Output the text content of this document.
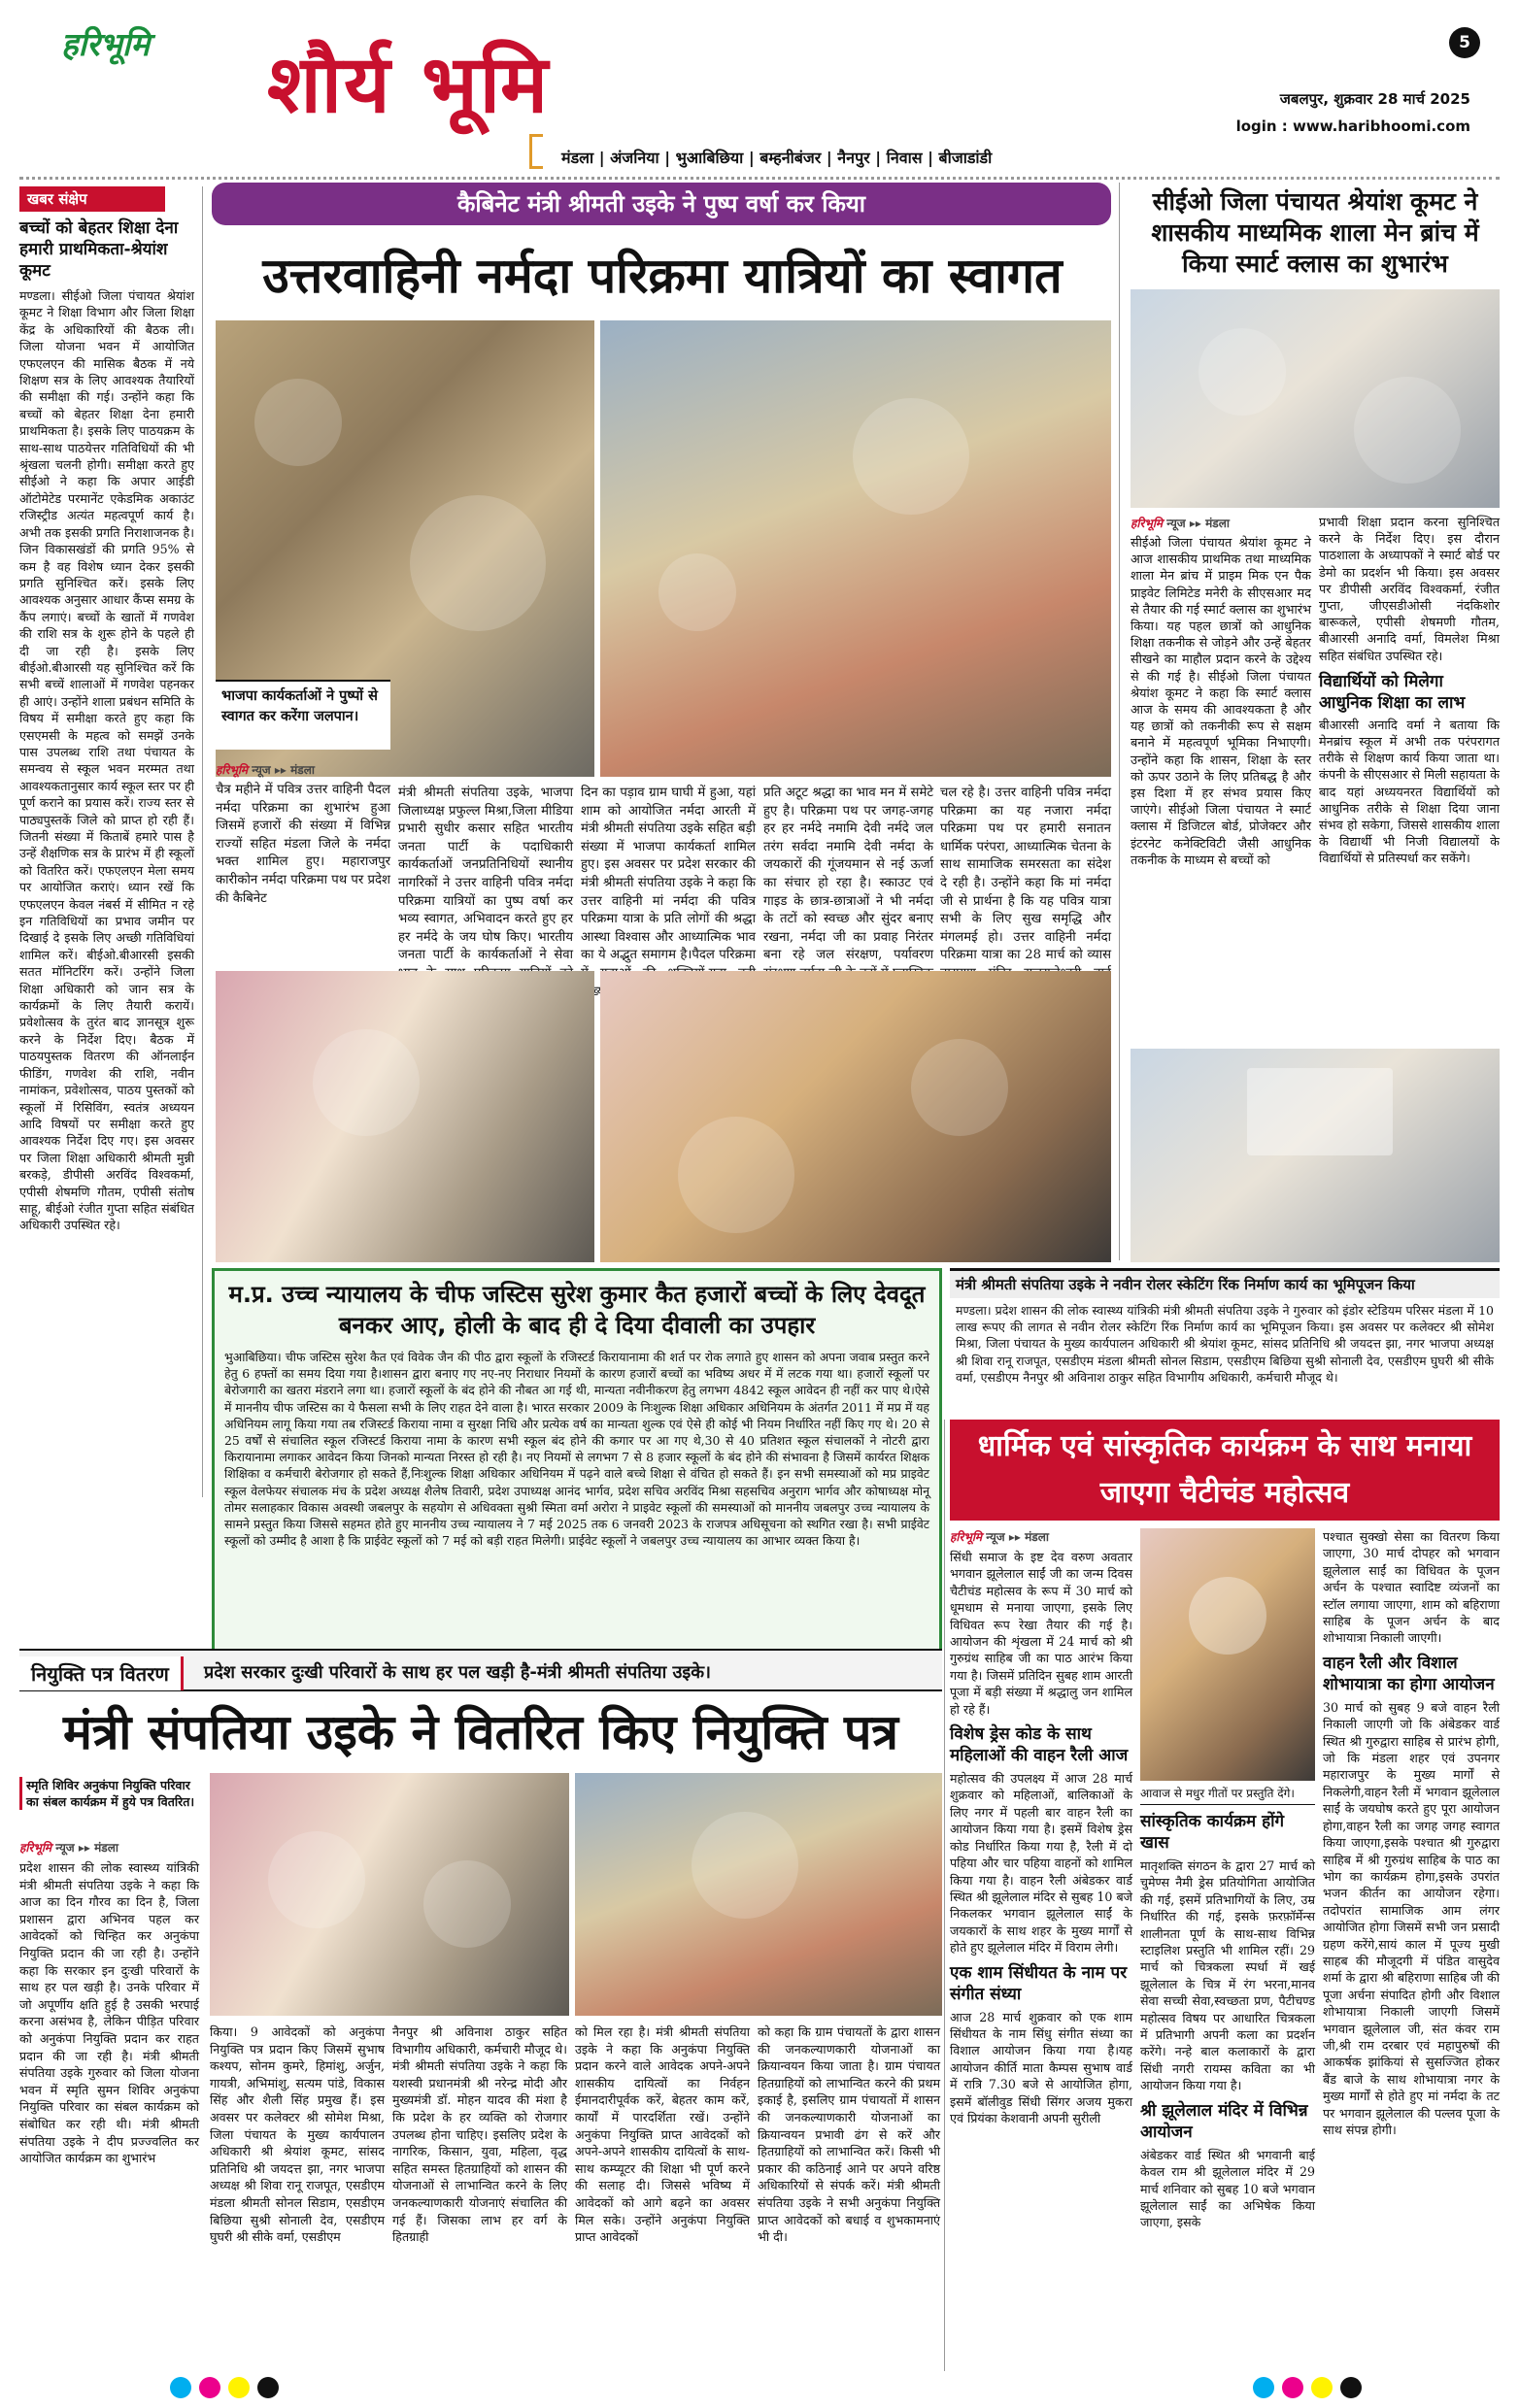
हरिभूमि शौर्य भूमि	5
जबलपुर, शुक्रवार 28 मार्च 2025
login : www.haribhoomi.com
मंडला | अंजनिया | भुआबिछिया | बम्हनीबंजर | नैनपुर | निवास | बीजाडांडी
खबर संक्षेप
बच्चों को बेहतर शिक्षा देना हमारी प्राथमिकता-श्रेयांश कूमट
मण्डला। सीईओ जिला पंचायत श्रेयांश कूमट ने शिक्षा विभाग और जिला शिक्षा केंद्र के अधिकारियों की बैठक ली। जिला योजना भवन में आयोजित एफएलएन की मासिक बैठक में नये शिक्षण सत्र के लिए आवश्यक तैयारियों की समीक्षा की गई। उन्होंने कहा कि बच्चों को बेहतर शिक्षा देना हमारी प्राथमिकता है। इसके लिए पाठयक्रम के साथ-साथ पाठयेत्तर गतिविधियों की भी श्रृंखला चलनी होगी। समीक्षा करते हुए सीईओ ने कहा कि अपार आईडी ऑटोमेटेड परमानेंट एकेडमिक अकाउंट रजिस्ट्रीड अत्यंत महत्वपूर्ण कार्य है। अभी तक इसकी प्रगति निराशाजनक है। जिन विकासखंडों की प्रगति 95% से कम है वह विशेष ध्यान देकर इसकी प्रगति सुनिश्चित करें। इसके लिए आवश्यक अनुसार आधार कैंप्स समग्र के कैंप लगाएं। बच्चों के खातों में गणवेश की राशि सत्र के शुरू होने के पहले ही दी जा रही है। इसके लिए बीईओ.बीआरसी यह सुनिश्चित करें कि सभी बच्चें शालाओं में गणवेश पहनकर ही आएं। उन्होंने शाला प्रबंधन समिति के विषय में समीक्षा करते हुए कहा कि एसएमसी के महत्व को समझें उनके पास उपलब्ध राशि तथा पंचायत के समन्वय से स्कूल भवन मरम्मत तथा आवश्यकतानुसार कार्य स्कूल स्तर पर ही पूर्ण कराने का प्रयास करें। राज्य स्तर से पाठ्यपुस्तकें जिले को प्राप्त हो रही हैं। जितनी संख्या में किताबें हमारे पास है उन्हें शैक्षणिक सत्र के प्रारंभ में ही स्कूलों को वितरित करें। एफएलएन मेला समय पर आयोजित कराएं। ध्यान रखें कि एफएलएन केवल नंबर्स में सीमित न रहे इन गतिविधियों का प्रभाव जमीन पर दिखाई दे इसके लिए अच्छी गतिविधियां शामिल करें। बीईओ.बीआरसी इसकी सतत मॉनिटरिंग करें। उन्होंने जिला शिक्षा अधिकारी को जान सत्र के कार्यक्रमों के लिए तैयारी करायें। प्रवेशोत्सव के तुरंत बाद ज्ञानसूत्र शुरू करने के निर्देश दिए। बैठक में पाठयपुस्तक वितरण की ऑनलाईन फीडिंग, गणवेश की राशि, नवीन नामांकन, प्रवेशोत्सव, पाठय पुस्तकों को स्कूलों में रिसिविंग, स्वतंत्र अध्ययन आदि विषयों पर समीक्षा करते हुए आवश्यक निर्देश दिए गए। इस अवसर पर जिला शिक्षा अधिकारी श्रीमती मुन्नी बरकड़े, डीपीसी अरविंद विश्वकर्मा, एपीसी शेषमणि गौतम, एपीसी संतोष साहू, बीईओ रंजीत गुप्ता सहित संबंधित अधिकारी उपस्थित रहे।
कैबिनेट मंत्री श्रीमती उइके ने पुष्प वर्षा कर किया
उत्तरवाहिनी नर्मदा परिक्रमा यात्रियों का स्वागत
भाजपा कार्यकर्ताओं ने पुष्पों से स्वागत कर करेंगा जलपान।
हरिभूमि न्यूज ▸▸ मंडला
चैत्र महीने में पवित्र उत्तर वाहिनी पैदल नर्मदा परिक्रमा का शुभारंभ हुआ जिसमें हजारों की संख्या में विभिन्न राज्यों सहित मंडला जिले के नर्मदा भक्त शामिल हुए। महाराजपुर कारीकोन नर्मदा परिक्रमा पथ पर प्रदेश की कैबिनेट
मंत्री श्रीमती संपतिया उइके, भाजपा जिलाध्यक्ष प्रफुल्ल मिश्रा,जिला मीडिया प्रभारी सुधीर कसार सहित भारतीय जनता पार्टी के पदाधिकारी कार्यकर्ताओं जनप्रतिनिधियों स्थानीय नागरिकों ने उत्तर वाहिनी पवित्र नर्मदा परिक्रमा यात्रियों का पुष्प वर्षा कर भव्य स्वागत, अभिवादन करते हुए हर हर नर्मदे के जय घोष किए। भारतीय जनता पार्टी के कार्यकर्ताओं ने सेवा
दिन का पड़ाव ग्राम घाघी में हुआ, यहां शाम को आयोजित नर्मदा आरती में मंत्री श्रीमती संपतिया उइके सहित बड़ी संख्या में भाजपा कार्यकर्ता शामिल हुए। इस अवसर पर प्रदेश सरकार की मंत्री श्रीमती संपतिया उइके ने कहा कि उत्तर वाहिनी मां नर्मदा की पवित्र परिक्रमा यात्रा के प्रति लोगों की श्रद्धा आस्था विश्वास और आध्यात्मिक भाव का ये अद्भुत समागम है।पैदल परिक्रमा
प्रति अटूट श्रद्धा का भाव मन में समेटे हुए है। परिक्रमा पथ पर जगह-जगह हर हर नर्मदे नमामि देवी नर्मदे जल तरंग सर्वदा नमामि देवी नर्मदा के जयकारों की गूंजयमान से नई ऊर्जा का संचार हो रहा है। स्काउट एवं गाइड के छात्र-छात्राओं ने भी नर्मदा के तटों को स्वच्छ और सुंदर बनाए रखना, नर्मदा जी का प्रवाह निरंतर बना रहे जल संरक्षण, पर्यावरण
चल रहे है। उत्तर वाहिनी पवित्र नर्मदा परिक्रमा का यह नजारा नर्मदा परिक्रमा पथ पर हमारी सनातन धार्मिक परंपरा, आध्यात्मिक चेतना के साथ सामाजिक समरसता का संदेश दे रही है। उन्होंने कहा कि मां नर्मदा जी से प्रार्थना है कि यह पवित्र यात्रा सभी के लिए सुख समृद्धि और मंगलमई हो। उत्तर वाहिनी नर्मदा परिक्रमा यात्रा का 28 मार्च को व्यास
सीईओ जिला पंचायत श्रेयांश कूमट ने शासकीय माध्यमिक शाला मेन ब्रांच में किया स्मार्ट क्लास का शुभारंभ
हरिभूमि न्यूज ▸▸ मंडला
सीईओ जिला पंचायत श्रेयांश कूमट ने आज शासकीय प्राथमिक तथा माध्यमिक शाला मेन ब्रांच में प्राइम मिक एन पैक प्राइवेट लिमिटेड मनेरी के सीएसआर मद से तैयार की गई स्मार्ट क्लास का शुभारंभ किया। यह पहल छात्रों को आधुनिक शिक्षा तकनीक से जोड़ने और उन्हें बेहतर सीखने का माहौल प्रदान करने के उद्देश्य से की गई है। सीईओ जिला पंचायत श्रेयांश कूमट ने कहा कि स्मार्ट क्लास आज के समय की आवश्यकता है और यह छात्रों को तकनीकी रूप से सक्षम बनाने में महत्वपूर्ण भूमिका निभाएगी। उन्होंने कहा कि शासन, शिक्षा के स्तर को ऊपर उठाने के लिए प्रतिबद्ध है और इस दिशा में हर संभव प्रयास किए जाएंगे। सीईओ जिला पंचायत ने स्मार्ट क्लास में डिजिटल बोर्ड, प्रोजेक्टर और इंटरनेट कनेक्टिविटी जैसी आधुनिक तकनीक के माध्यम से बच्चों को
प्रभावी शिक्षा प्रदान करना सुनिश्चित करने के निर्देश दिए। इस दौरान पाठशाला के अध्यापकों ने स्मार्ट बोर्ड पर डेमो का प्रदर्शन भी किया। इस अवसर पर डीपीसी अरविंद विश्वकर्मा, रंजीत गुप्ता, जीएसडीओसी नंदकिशोर बारूकले, एपीसी शेषमणी गौतम, बीआरसी अनादि वर्मा, विमलेश मिश्रा सहित संबंधित उपस्थित रहे।
विद्यार्थियों को मिलेगा आधुनिक शिक्षा का लाभ
बीआरसी अनादि वर्मा ने बताया कि मेनब्रांच स्कूल में अभी तक परंपरागत तरीके से शिक्षण कार्य किया जाता था। कंपनी के सीएसआर से मिली सहायता के बाद यहां अध्ययनरत विद्यार्थियों को आधुनिक तरीके से शिक्षा दिया जाना संभव हो सकेगा, जिससे शासकीय शाला के विद्यार्थी भी निजी विद्यालयों के विद्यार्थियों से प्रतिस्पर्धा कर सकेंगे।
म.प्र. उच्च न्यायालय के चीफ जस्टिस सुरेश कुमार कैत हजारों बच्चों के लिए देवदूत बनकर आए, होली के बाद ही दे दिया दीवाली का उपहार
भुआबिछिया। चीफ जस्टिस सुरेश कैत एवं विवेक जैन की पीठ द्वारा स्कूलों के रजिस्टर्ड किरायानामा की शर्त पर रोक लगाते हुए शासन को अपना जवाब प्रस्तुत करने हेतु 6 हफ्तों का समय दिया गया है।शासन द्वारा बनाए गए नए-नए निराधार नियमों के कारण हजारों बच्चों का भविष्य अधर में में लटक गया था। हजारों स्कूलों पर बेरोजगारी का खतरा मंडराने लगा था। हजारों स्कूलों के बंद होने की नौबत आ गई थी, मान्यता नवीनीकरण हेतु लगभग 4842 स्कूल आवेदन ही नहीं कर पाए थे।ऐसे में माननीय चीफ जस्टिस का ये फैसला सभी के लिए राहत देने वाला है। भारत सरकार 2009 के निःशुल्क शिक्षा अधिकार अधिनियम के अंतर्गत 2011 में मप्र में यह अधिनियम लागू किया गया तब रजिस्टर्ड किराया नामा व सुरक्षा निधि और प्रत्येक वर्ष का मान्यता शुल्क एवं ऐसे ही कोई भी नियम निर्धारित नहीं किए गए थे। 20 से 25 वर्षों से संचालित स्कूल रजिस्टर्ड किराया नामा के कारण सभी स्कूल बंद होने की कगार पर आ गए थे,30 से 40 प्रतिशत स्कूल संचालकों ने नोटरी द्वारा किरायानामा लगाकर आवेदन किया जिनको मान्यता निरस्त हो रही है। नए नियमों से लगभग 7 से 8 हजार स्कूलों के बंद होने की संभावना है जिसमें कार्यरत शिक्षक शिक्षिका व कर्मचारी बेरोजगार हो सकते हैं,निःशुल्क शिक्षा अधिकार अधिनियम में पढ़ने वाले बच्चे शिक्षा से वंचित हो सकते हैं। इन सभी समस्याओं को मप्र प्राइवेट स्कूल वेलफेयर संचालक मंच के प्रदेश अध्यक्ष शैलेष तिवारी, प्रदेश उपाध्यक्ष आनंद भार्गव, प्रदेश सचिव अरविंद मिश्रा सहसचिव अनुराग भार्गव और कोषाध्यक्ष मोनू तोमर सलाहकार विकास अवस्थी जबलपुर के सहयोग से अधिवक्ता सुश्री स्मिता वर्मा अरोरा ने प्राइवेट स्कूलों की समस्याओं को माननीय जबलपुर उच्च न्यायालय के सामने प्रस्तुत किया जिससे सहमत होते हुए माननीय उच्च न्यायालय ने 7 मई 2025 तक 6 जनवरी 2023 के राजपत्र अधिसूचना को स्थगित रखा है। सभी प्राईवेट स्कूलों को उम्मीद है आशा है कि प्राईवेट स्कूलों को 7 मई को बड़ी राहत मिलेगी। प्राईवेट स्कूलों ने जबलपुर उच्च न्यायालय का आभार व्यक्त किया है।
मंत्री श्रीमती संपतिया उइके ने नवीन रोलर स्केटिंग रिंक निर्माण कार्य का भूमिपूजन किया
मण्डला। प्रदेश शासन की लोक स्वास्थ्य यांत्रिकी मंत्री श्रीमती संपतिया उइके ने गुरुवार को इंडोर स्टेडियम परिसर मंडला में 10 लाख रूपए की लागत से नवीन रोलर स्केटिंग रिंक निर्माण कार्य का भूमिपूजन किया। इस अवसर पर कलेक्टर श्री सोमेश मिश्रा, जिला पंचायत के मुख्य कार्यपालन अधिकारी श्री श्रेयांश कूमट, सांसद प्रतिनिधि श्री जयदत्त झा, नगर भाजपा अध्यक्ष श्री शिवा रानू राजपूत, एसडीएम मंडला श्रीमती सोनल सिडाम, एसडीएम बिछिया सुश्री सोनाली देव, एसडीएम घुघरी श्री सीके वर्मा, एसडीएम नैनपुर श्री अविनाश ठाकुर सहित विभागीय अधिकारी, कर्मचारी मौजूद थे।
धार्मिक एवं सांस्कृतिक कार्यक्रम के साथ मनाया जाएगा चैटीचंड महोत्सव
हरिभूमि न्यूज ▸▸ मंडला
सिंधी समाज के इष्ट देव वरुण अवतार भगवान झूलेलाल साईं जी का जन्म दिवस चैटीचंड महोत्सव के रूप में 30 मार्च को धूमधाम से मनाया जाएगा, इसके लिए विधिवत रूप रेखा तैयार की गई है। आयोजन की शृंखला में 24 मार्च को श्री गुरुग्रंथ साहिब जी का पाठ आरंभ किया गया है। जिसमें प्रतिदिन सुबह शाम आरती पूजा में बड़ी संख्या में श्रद्धालु जन शामिल हो रहे हैं।
विशेष ड्रेस कोड के साथ महिलाओं की वाहन रैली आज
महोत्सव की उपलक्ष्य में आज 28 मार्च शुक्रवार को महिलाओं, बालिकाओं के लिए नगर में पहली बार वाहन रैली का आयोजन किया गया है। इसमें विशेष ड्रेस कोड निर्धारित किया गया है, रैली में दो पहिया और चार पहिया वाहनों को शामिल किया गया है। वाहन रैली अंबेडकर वार्ड स्थित श्री झूलेलाल मंदिर से सुबह 10 बजे निकलकर भगवान झूलेलाल साईं के जयकारों के साथ शहर के मुख्य मार्गों से होते हुए झूलेलाल मंदिर में विराम लेगी।
एक शाम सिंधीयत के नाम पर संगीत संध्या
आज 28 मार्च शुक्रवार को एक शाम सिंधीयत के नाम सिंधु संगीत संध्या का विशाल आयोजन किया गया है।यह आयोजन कीर्ति माता कैम्पस सुभाष वार्ड में रात्रि 7.30 बजे से आयोजित होगा, इसमें बॉलीवुड सिंधी सिंगर अजय मुकरा एवं प्रियंका केशवानी अपनी सुरीली
आवाज से मधुर गीतों पर प्रस्तुति देंगे।
सांस्कृतिक कार्यक्रम होंगे खास
मातृशक्ति संगठन के द्वारा 27 मार्च को चुमेण्स नैमी ड्रेस प्रतियोगिता आयोजित की गई, इसमें प्रतिभागियों के लिए, उम्र निर्धारित की गई, इसके फ़रफ़ॉर्मेन्स शालीनता पूर्ण के साथ-साथ विभिन्न स्टाइलिश प्रस्तुति भी शामिल रहीं। 29 मार्च को चित्रकला स्पर्धा में खई झूलेलाल के चित्र में रंग भरना,मानव सेवा सच्ची सेवा,स्वच्छता प्रण, पैटीचण्ड महोत्सव विषय पर आधारित चित्रकला में प्रतिभागी अपनी कला का प्रदर्शन करेंगे। नन्हे बाल कलाकारों के द्वारा सिंधी नगरी रायम्स कविता का भी आयोजन किया गया है।
श्री झूलेलाल मंदिर में विभिन्न आयोजन
अंबेडकर वार्ड स्थित श्री भगवानी बाई केवल राम श्री झूलेलाल मंदिर में 29 मार्च शनिवार को सुबह 10 बजे भगवान झूलेलाल साईं का अभिषेक किया जाएगा, इसके
पश्चात सुक्खो सेसा का वितरण किया जाएगा, 30 मार्च दोपहर को भगवान झूलेलाल साईं का विधिवत के पूजन अर्चन के पश्चात स्वादिष्ट व्यंजनों का स्टॉल लगाया जाएगा, शाम को बहिराणा साहिब के पूजन अर्चन के बाद शोभायात्रा निकाली जाएगी।
वाहन रैली और विशाल शोभायात्रा का होगा आयोजन
30 मार्च को सुबह 9 बजे वाहन रैली निकाली जाएगी जो कि अंबेडकर वार्ड स्थित श्री गुरुद्वारा साहिब से प्रारंभ होगी, जो कि मंडला शहर एवं उपनगर महाराजपुर के मुख्य मार्गों से निकलेगी,वाहन रैली में भगवान झूलेलाल साईं के जयघोष करते हुए पूरा आयोजन होगा,वाहन रैली का जगह जगह स्वागत किया जाएगा,इसके पश्चात श्री गुरुद्वारा साहिब में श्री गुरुग्रंथ साहिब के पाठ का भोग का कार्यक्रम होगा,इसके उपरांत भजन कीर्तन का आयोजन रहेगा। तदोपरांत सामाजिक आम लंगर आयोजित होगा जिसमें सभी जन प्रसादी ग्रहण करेंगे,सायं काल में पूज्य मुखी साहब की मौजूदगी में पंडित वासुदेव शर्मा के द्वारा श्री बहिराणा साहिब जी की पूजा अर्चना संपादित होगी और विशाल शोभायात्रा निकाली जाएगी जिसमें भगवान झूलेलाल जी, संत कंवर राम जी,श्री राम दरबार एवं महापुरुषों की आकर्षक झांकियां से सुसज्जित होकर बैंड बाजे के साथ शोभायात्रा नगर के मुख्य मार्गों से होते हुए मां नर्मदा के तट पर भगवान झूलेलाल की पल्लव पूजा के साथ संपन्न होगी।
नियुक्ति पत्र वितरण	प्रदेश सरकार दुःखी परिवारों के साथ हर पल खड़ी है-मंत्री श्रीमती संपतिया उइके।
मंत्री संपतिया उइके ने वितरित किए नियुक्ति पत्र
स्मृति शिविर अनुकंपा नियुक्ति परिवार का संबल कार्यक्रम में हुये पत्र वितरित।
हरिभूमि न्यूज ▸▸ मंडला
प्रदेश शासन की लोक स्वास्थ्य यांत्रिकी मंत्री श्रीमती संपतिया उइके ने कहा कि आज का दिन गौरव का दिन है, जिला प्रशासन द्वारा अभिनव पहल कर आवेदकों को चिन्हित कर अनुकंपा नियुक्ति प्रदान की जा रही है। उन्होंने कहा कि सरकार इन दुःखी परिवारों के साथ हर पल खड़ी है। उनके परिवार में जो अपूर्णीय क्षति हुई है उसकी भरपाई करना असंभव है, लेकिन पीड़ित परिवार को अनुकंपा नियुक्ति प्रदान कर राहत प्रदान की जा रही है। मंत्री श्रीमती संपतिया उइके गुरुवार को जिला योजना भवन में स्मृति सुमन शिविर अनुकंपा नियुक्ति परिवार का संबल कार्यक्रम को संबोधित कर रही थी। मंत्री श्रीमती संपतिया उइके ने दीप प्रज्ज्वलित कर आयोजित कार्यक्रम का शुभारंभ
किया। 9 आवेदकों को अनुकंपा नियुक्ति पत्र प्रदान किए जिसमें सुभाष कश्यप, सोनम कुमरे, हिमांशु, अर्जुन, गायत्री, अभिमांशु, सत्यम पांडे, विकास सिंह और शैली सिंह प्रमुख हैं। इस अवसर पर कलेक्टर श्री सोमेश मिश्रा, जिला पंचायत के मुख्य कार्यपालन अधिकारी श्री श्रेयांश कूमट, सांसद प्रतिनिधि श्री जयदत्त झा, नगर भाजपा अध्यक्ष श्री शिवा रानू राजपूत, एसडीएम मंडला श्रीमती सोनल सिडाम, एसडीएम बिछिया सुश्री सोनाली देव, एसडीएम घुघरी श्री सीके वर्मा, एसडीएम
नैनपुर श्री अविनाश ठाकुर सहित विभागीय अधिकारी, कर्मचारी मौजूद थे। मंत्री श्रीमती संपतिया उइके ने कहा कि यशस्वी प्रधानमंत्री श्री नरेन्द्र मोदी और मुख्यमंत्री डॉ. मोहन यादव की मंशा है कि प्रदेश के हर व्यक्ति को रोजगार उपलब्ध होना चाहिए। इसलिए प्रदेश के नागरिक, किसान, युवा, महिला, वृद्ध सहित समस्त हितग्राहियों को शासन की योजनाओं से लाभान्वित करने के लिए जनकल्याणकारी योजनाएं संचालित की गई हैं। जिसका लाभ हर वर्ग के हितग्राही
को मिल रहा है। मंत्री श्रीमती संपतिया उइके ने कहा कि अनुकंपा नियुक्ति प्रदान करने वाले आवेदक अपने-अपने शासकीय दायित्वों का निर्वहन ईमानदारीपूर्वक करें, बेहतर काम करें, कार्यों में पारदर्शिता रखें। उन्होंने अनुकंपा नियुक्ति प्राप्त आवेदकों को अपने-अपने शासकीय दायित्वों के साथ-साथ कम्प्यूटर की शिक्षा भी पूर्ण करने की सलाह दी। जिससे भविष्य में आवेदकों को आगे बढ़ने का अवसर मिल सके। उन्होंने अनुकंपा नियुक्ति प्राप्त आवेदकों
को कहा कि ग्राम पंचायतों के द्वारा शासन की जनकल्याणकारी योजनाओं का क्रियान्वयन किया जाता है। ग्राम पंचायत हितग्राहियों को लाभान्वित करने की प्रथम इकाई है, इसलिए ग्राम पंचायतों में शासन की जनकल्याणकारी योजनाओं का क्रियान्वयन प्रभावी ढंग से करें और हितग्राहियों को लाभान्वित करें। किसी भी प्रकार की कठिनाई आने पर अपने वरिष्ठ अधिकारियों से संपर्क करें। मंत्री श्रीमती संपतिया उइके ने सभी अनुकंपा नियुक्ति प्राप्त आवेदकों को बधाई व शुभकामनाएं भी दी।
